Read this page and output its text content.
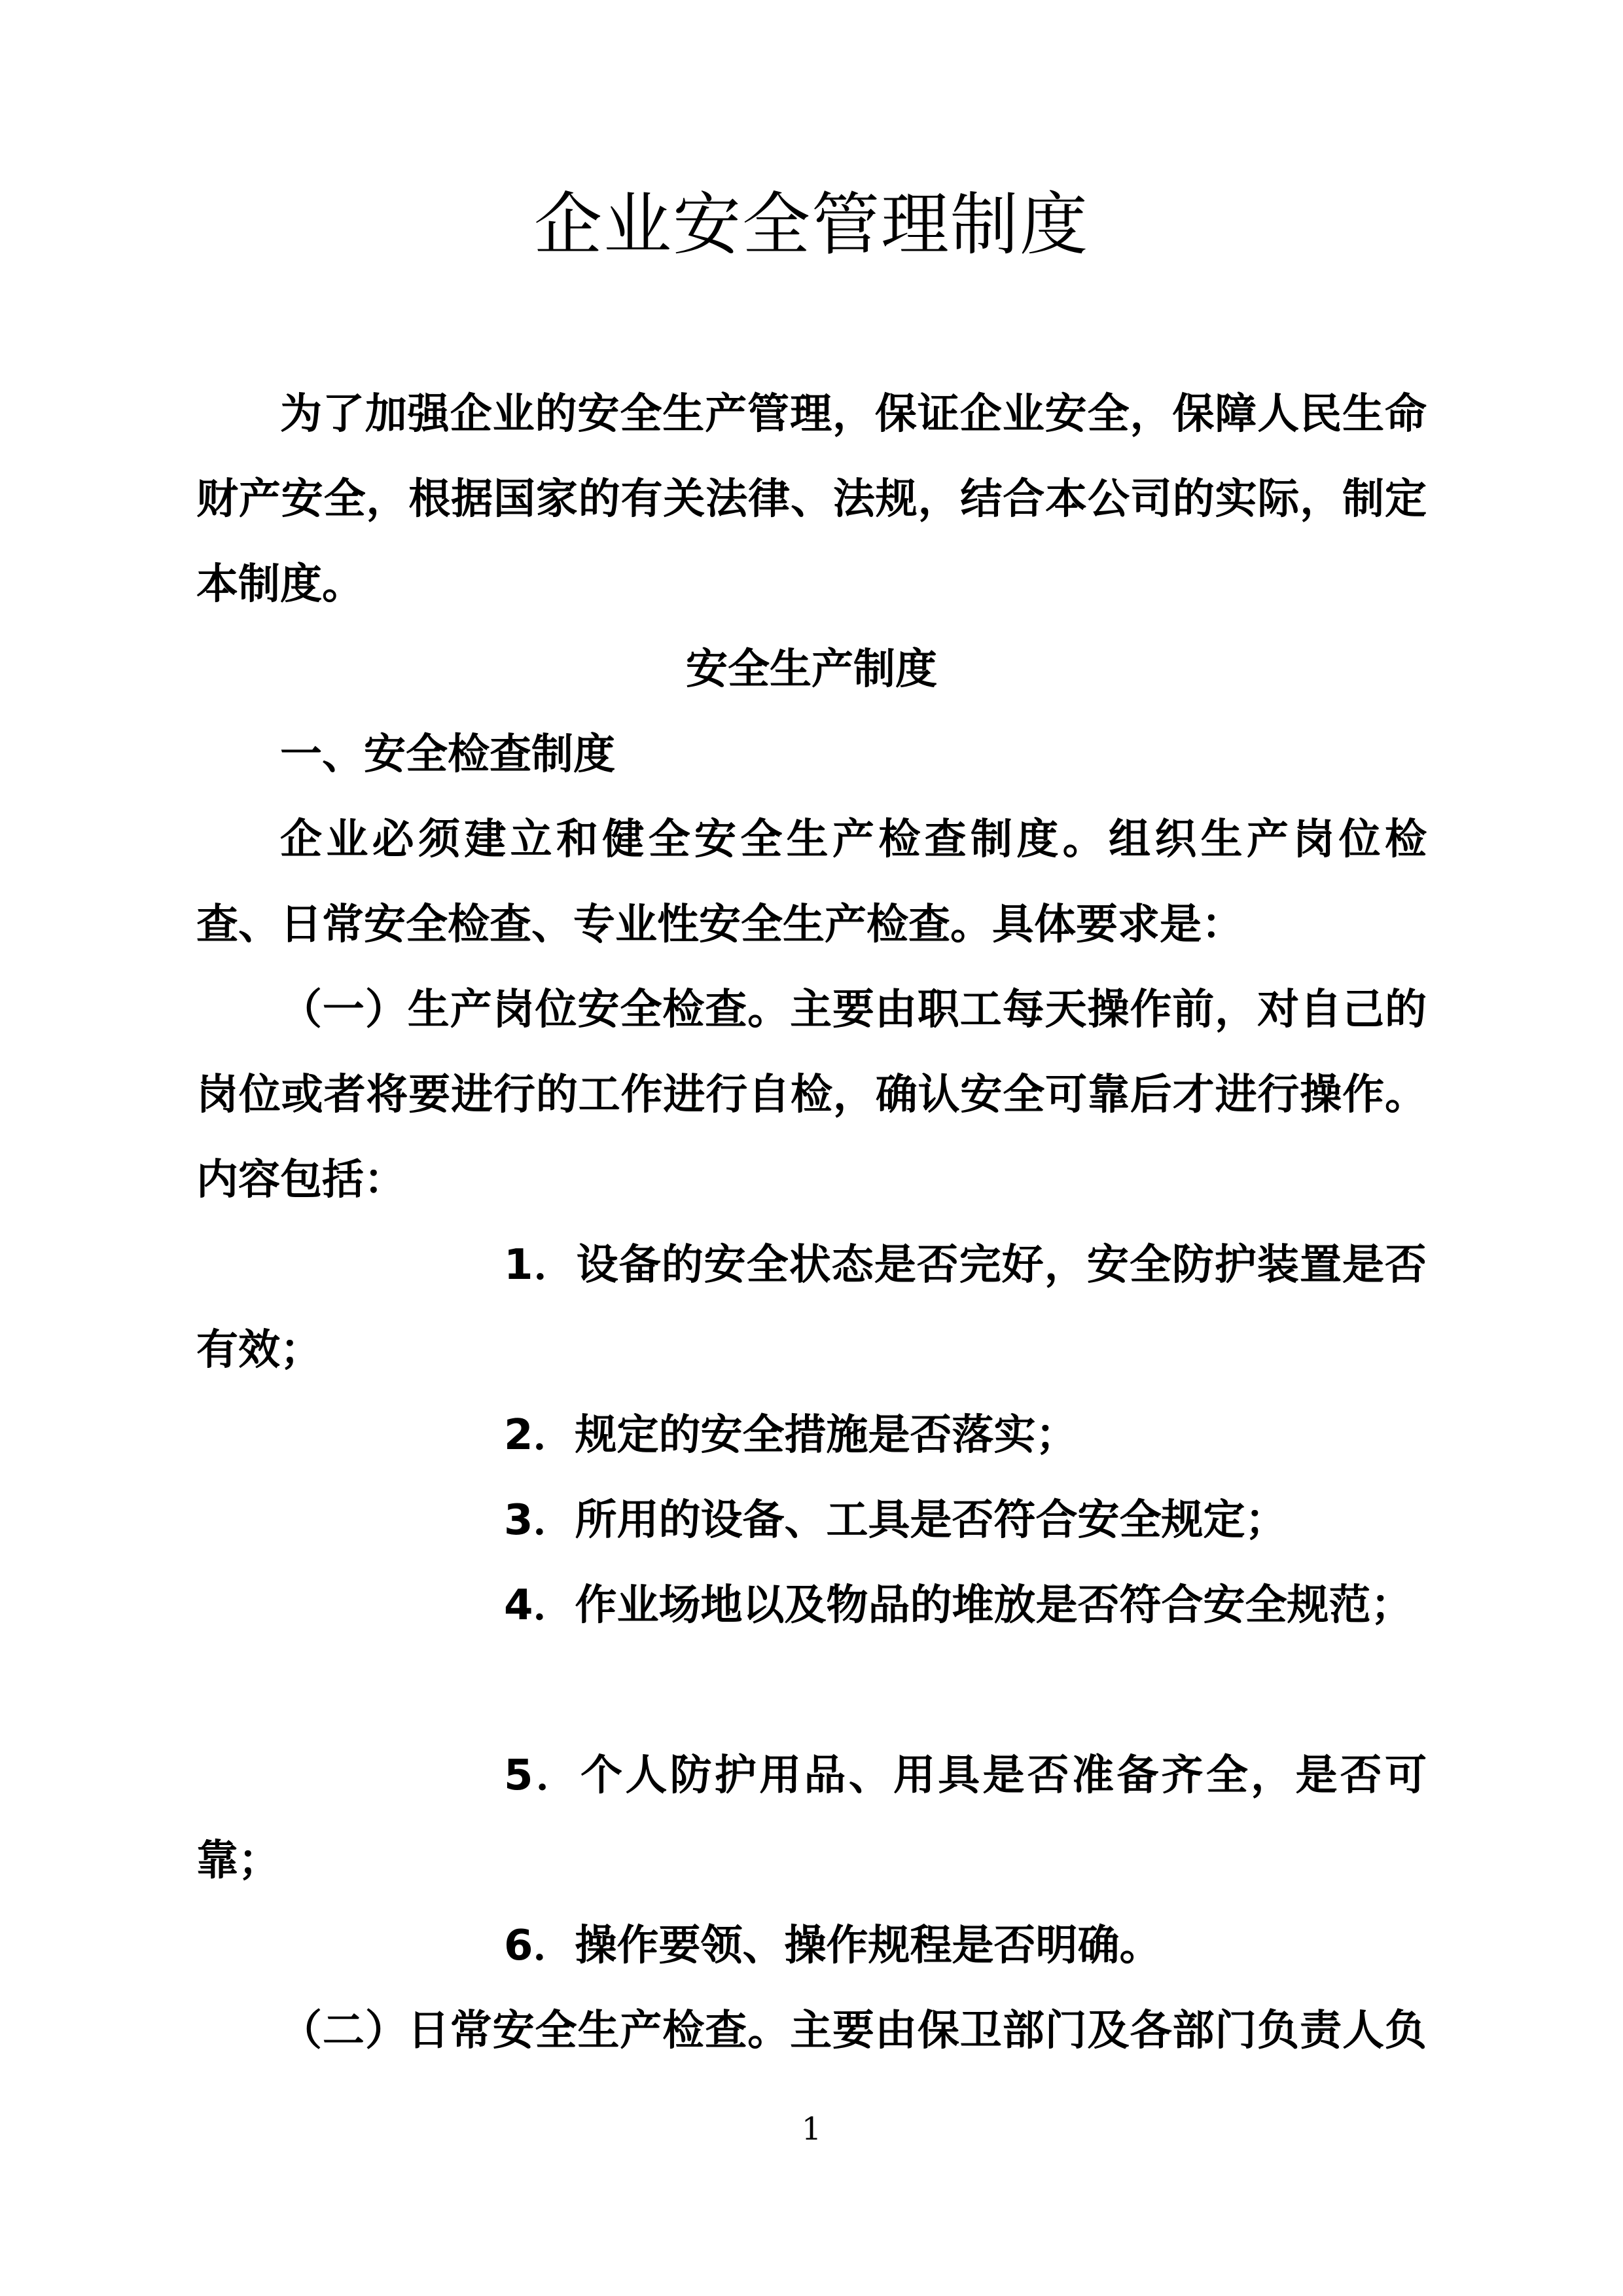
企业安全管理制度
为了加强企业的安全生产管理，保证企业安全，保障人民生命
财产安全，根据国家的有关法律、法规，结合本公司的实际，制定
本制度。
安全生产制度
一、安全检查制度
企业必须建立和健全安全生产检查制度。组织生产岗位检
查、日常安全检查、专业性安全生产检查。具体要求是：
（一）生产岗位安全检查。主要由职工每天操作前，对自己的
岗位或者将要进行的工作进行自检，确认安全可靠后才进行操作。
内容包括：
1．设备的安全状态是否完好，安全防护装置是否
有效；
2．规定的安全措施是否落实；
3．所用的设备、工具是否符合安全规定；
4．作业场地以及物品的堆放是否符合安全规范；
5．个人防护用品、用具是否准备齐全，是否可
靠；
6．操作要领、操作规程是否明确。
（二）日常安全生产检查。主要由保卫部门及各部门负责人负
1
